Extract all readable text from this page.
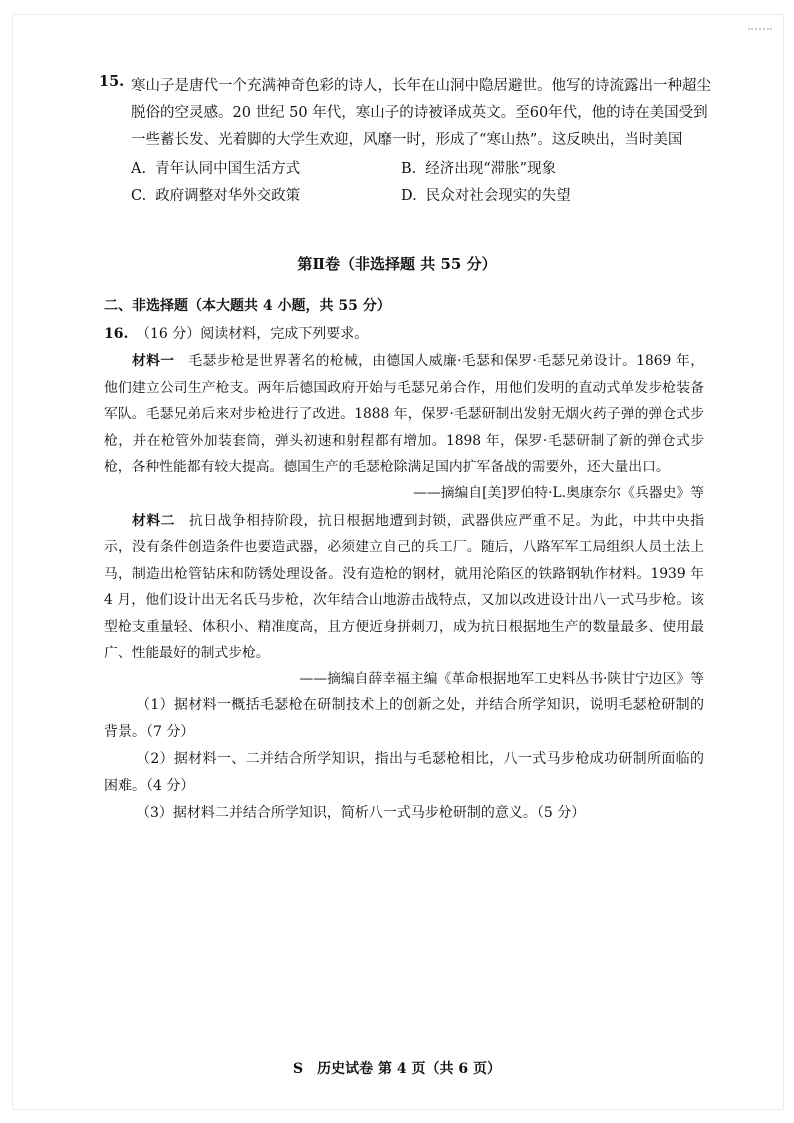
15. 寒山子是唐代一个充满神奇色彩的诗人，长年在山洞中隐居避世。他写的诗流露出一种超尘脱俗的空灵感。20 世纪 50 年代，寒山子的诗被译成英文。至60年代，他的诗在美国受到一些蓄长发、光着脚的大学生欢迎，风靡一时，形成了“寒山热”。这反映出，当时美国
A. 青年认同中国生活方式	B. 经济出现“滞胀”现象
C. 政府调整对华外交政策	D. 民众对社会现实的失望
第Ⅱ卷（非选择题 共 55 分）
二、非选择题（本大题共 4 小题，共 55 分）
16. （16 分）阅读材料，完成下列要求。
材料一 毛瑟步枪是世界著名的枪械，由德国人威廉·毛瑟和保罗·毛瑟兄弟设计。1869 年，他们建立公司生产枪支。两年后德国政府开始与毛瑟兄弟合作，用他们发明的直动式单发步枪装备军队。毛瑟兄弟后来对步枪进行了改进。1888 年，保罗·毛瑟研制出发射无烟火药子弹的弹仓式步枪，并在枪管外加装套筒，弹头初速和射程都有增加。1898 年，保罗·毛瑟研制了新的弹仓式步枪，各种性能都有较大提高。德国生产的毛瑟枪除满足国内扩军备战的需要外，还大量出口。
——摘编自[美]罗伯特·L.奥康奈尔《兵器史》等
材料二 抗日战争相持阶段，抗日根据地遭到封锁，武器供应严重不足。为此，中共中央指示，没有条件创造条件也要造武器，必须建立自己的兵工厂。随后，八路军军工局组织人员土法上马，制造出枪管钻床和防锈处理设备。没有造枪的钢材，就用沦陷区的铁路钢轨作材料。1939 年 4 月，他们设计出无名氏马步枪，次年结合山地游击战特点，又加以改进设计出八一式马步枪。该型枪支重量轻、体积小、精准度高，且方便近身拼刺刀，成为抗日根据地生产的数量最多、使用最广、性能最好的制式步枪。
——摘编自薛幸福主编《革命根据地军工史料丛书·陕甘宁边区》等
（1）据材料一概括毛瑟枪在研制技术上的创新之处，并结合所学知识，说明毛瑟枪研制的背景。（7 分）
（2）据材料一、二并结合所学知识，指出与毛瑟枪相比，八一式马步枪成功研制所面临的困难。（4 分）
（3）据材料二并结合所学知识，简析八一式马步枪研制的意义。（5 分）
S 历史试卷 第 4 页（共 6 页）
